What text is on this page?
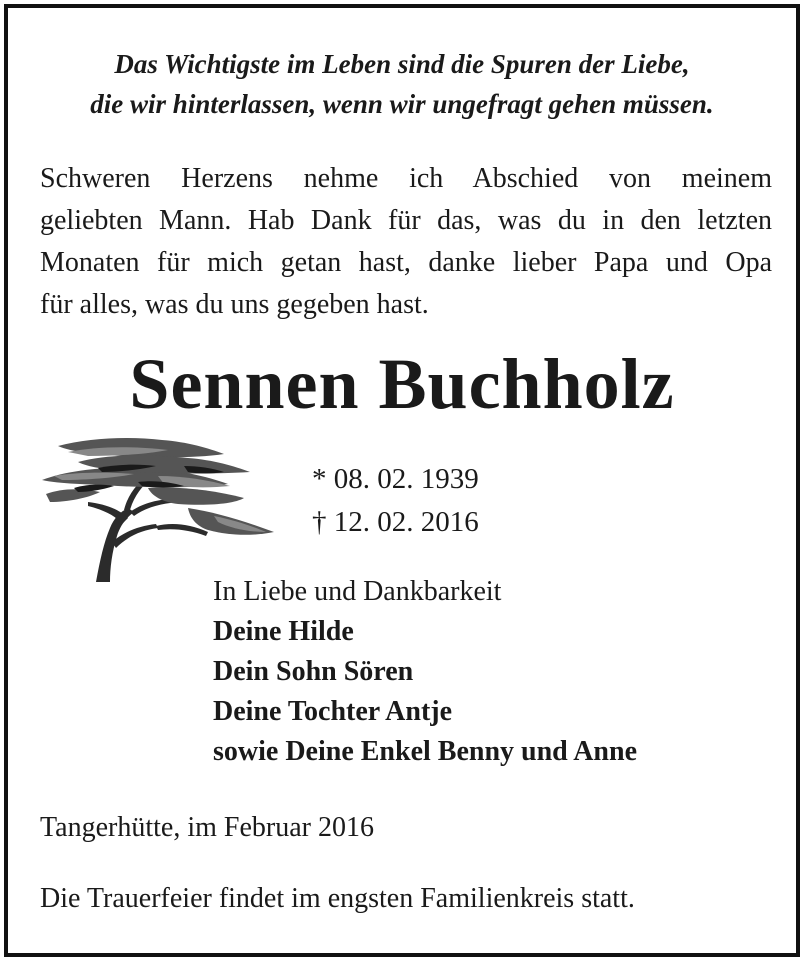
Das Wichtigste im Leben sind die Spuren der Liebe,
die wir hinterlassen, wenn wir ungefragt gehen müssen.
Schweren Herzens nehme ich Abschied von meinem
geliebten Mann. Hab Dank für das, was du in den letzten
Monaten für mich getan hast, danke lieber Papa und Opa
für alles, was du uns gegeben hast.
Sennen Buchholz
* 08. 02. 1939
† 12. 02. 2016
In Liebe und Dankbarkeit
Deine Hilde
Dein Sohn Sören
Deine Tochter Antje
sowie Deine Enkel Benny und Anne
Tangerhütte, im Februar 2016
Die Trauerfeier findet im engsten Familienkreis statt.
